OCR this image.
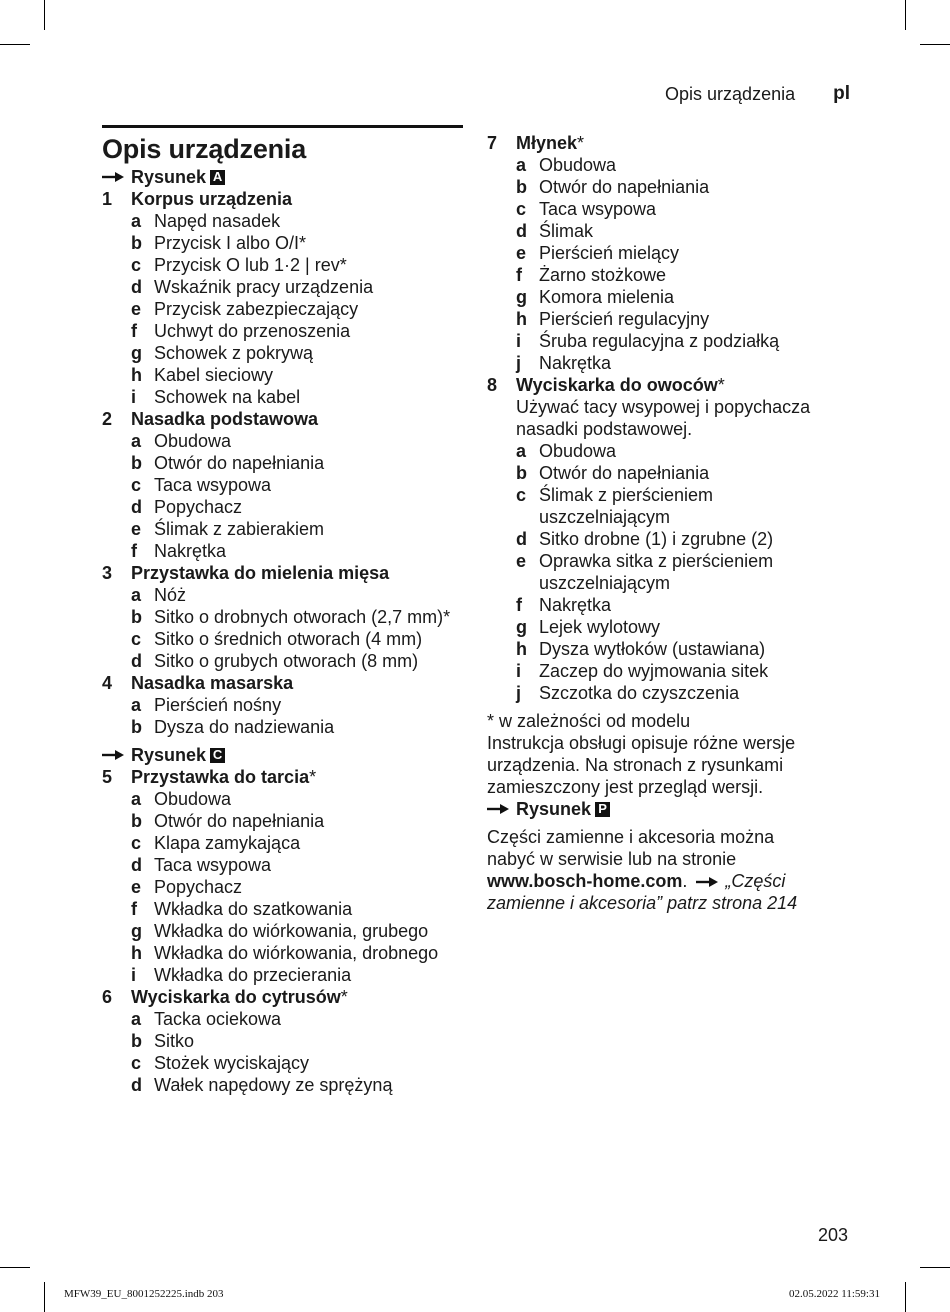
Opis urządzenia pl
Opis urządzenia
Rysunek A
1	Korpus urządzenia
a Napęd nasadek
b Przycisk I albo O/I*
c Przycisk O lub 1·2 | rev*
d Wskaźnik pracy urządzenia
e Przycisk zabezpieczający
f Uchwyt do przenoszenia
g Schowek z pokrywą
h Kabel sieciowy
i Schowek na kabel
2	Nasadka podstawowa
a Obudowa
b Otwór do napełniania
c Taca wsypowa
d Popychacz
e Ślimak z zabierakiem
f Nakrętka
3	Przystawka do mielenia mięsa
a Nóż
b Sitko o drobnych otworach (2,7 mm)*
c Sitko o średnich otworach (4 mm)
d Sitko o grubych otworach (8 mm)
4	Nasadka masarska
a Pierścień nośny
b Dysza do nadziewania
Rysunek C
5	Przystawka do tarcia*
a Obudowa
b Otwór do napełniania
c Klapa zamykająca
d Taca wsypowa
e Popychacz
f Wkładka do szatkowania
g Wkładka do wiórkowania, grubego
h Wkładka do wiórkowania, drobnego
i Wkładka do przecierania
6	Wyciskarka do cytrusów*
a Tacka ociekowa
b Sitko
c Stożek wyciskający
d Wałek napędowy ze sprężyną
7	Młynek*
a Obudowa
b Otwór do napełniania
c Taca wsypowa
d Ślimak
e Pierścień mielący
f Żarno stożkowe
g Komora mielenia
h Pierścień regulacyjny
i Śruba regulacyjna z podziałką
j Nakrętka
8	Wyciskarka do owoców*
Używać tacy wsypowej i popychacza
nasadki podstawowej.
a Obudowa
b Otwór do napełniania
c Ślimak z pierścieniem
uszczelniającym
d Sitko drobne (1) i zgrubne (2)
e Oprawka sitka z pierścieniem
uszczelniającym
f Nakrętka
g Lejek wylotowy
h Dysza wytłoków (ustawiana)
i Zaczep do wyjmowania sitek
j Szczotka do czyszczenia
* w zależności od modelu
Instrukcja obsługi opisuje różne wersje
urządzenia. Na stronach z rysunkami
zamieszczony jest przegląd wersji.
Rysunek P
Części zamienne i akcesoria można
nabyć w serwisie lub na stronie
www.bosch-home.com. „Części
zamienne i akcesoria” patrz strona 214
203
MFW39_EU_8001252225.indb 203	02.05.2022 11:59:31
